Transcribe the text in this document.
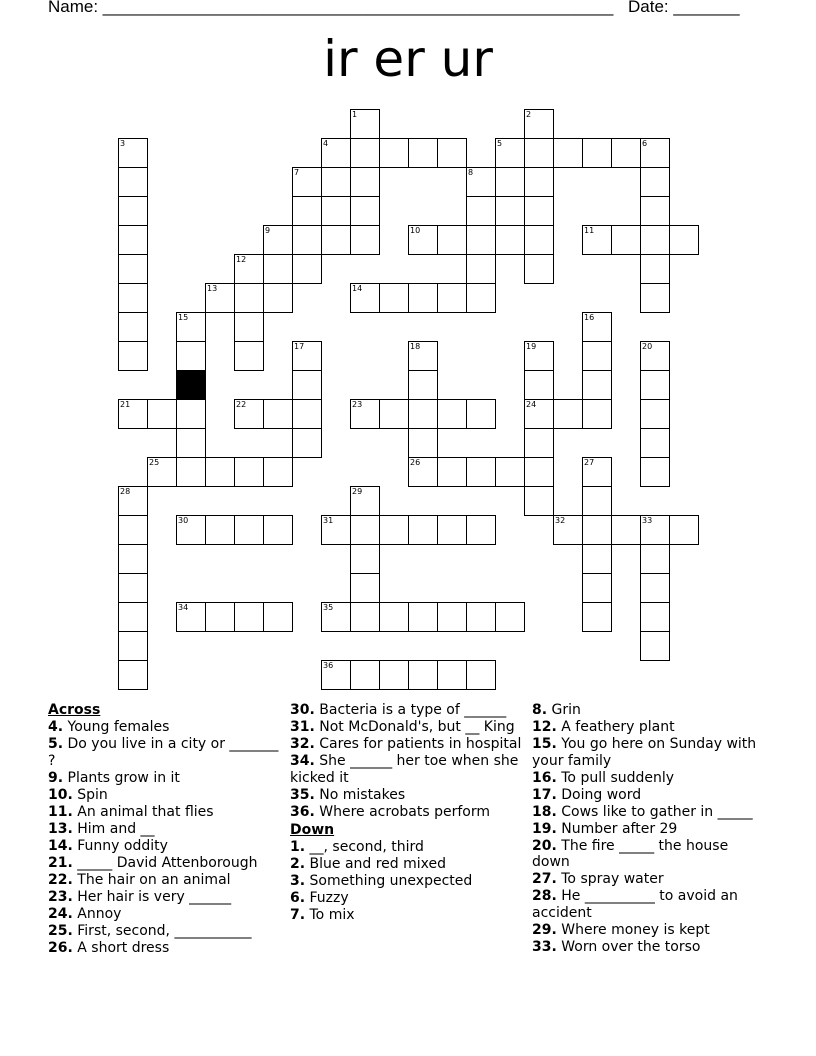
Name: ______________________________________________________ Date: _______
ir er ur
1	2
3	4	5	6
7	8
9	10	11
12
13	14
15	16
17	18	19	20
21	22	23	24
25	26	27
28	29
30	31	32	33
34	35
36
Across
4. Young females
5. Do you live in a city or _______ ?
9. Plants grow in it
10. Spin
11. An animal that flies
13. Him and __
14. Funny oddity
21. _____ David Attenborough
22. The hair on an animal
23. Her hair is very ______
24. Annoy
25. First, second, ___________
26. A short dress
30. Bacteria is a type of ______
31. Not McDonald's, but __ King
32. Cares for patients in hospital
34. She ______ her toe when she kicked it
35. No mistakes
36. Where acrobats perform
Down
1. __, second, third
2. Blue and red mixed
3. Something unexpected
6. Fuzzy
7. To mix
8. Grin
12. A feathery plant
15. You go here on Sunday with your family
16. To pull suddenly
17. Doing word
18. Cows like to gather in _____
19. Number after 29
20. The fire _____ the house down
27. To spray water
28. He __________ to avoid an accident
29. Where money is kept
33. Worn over the torso
